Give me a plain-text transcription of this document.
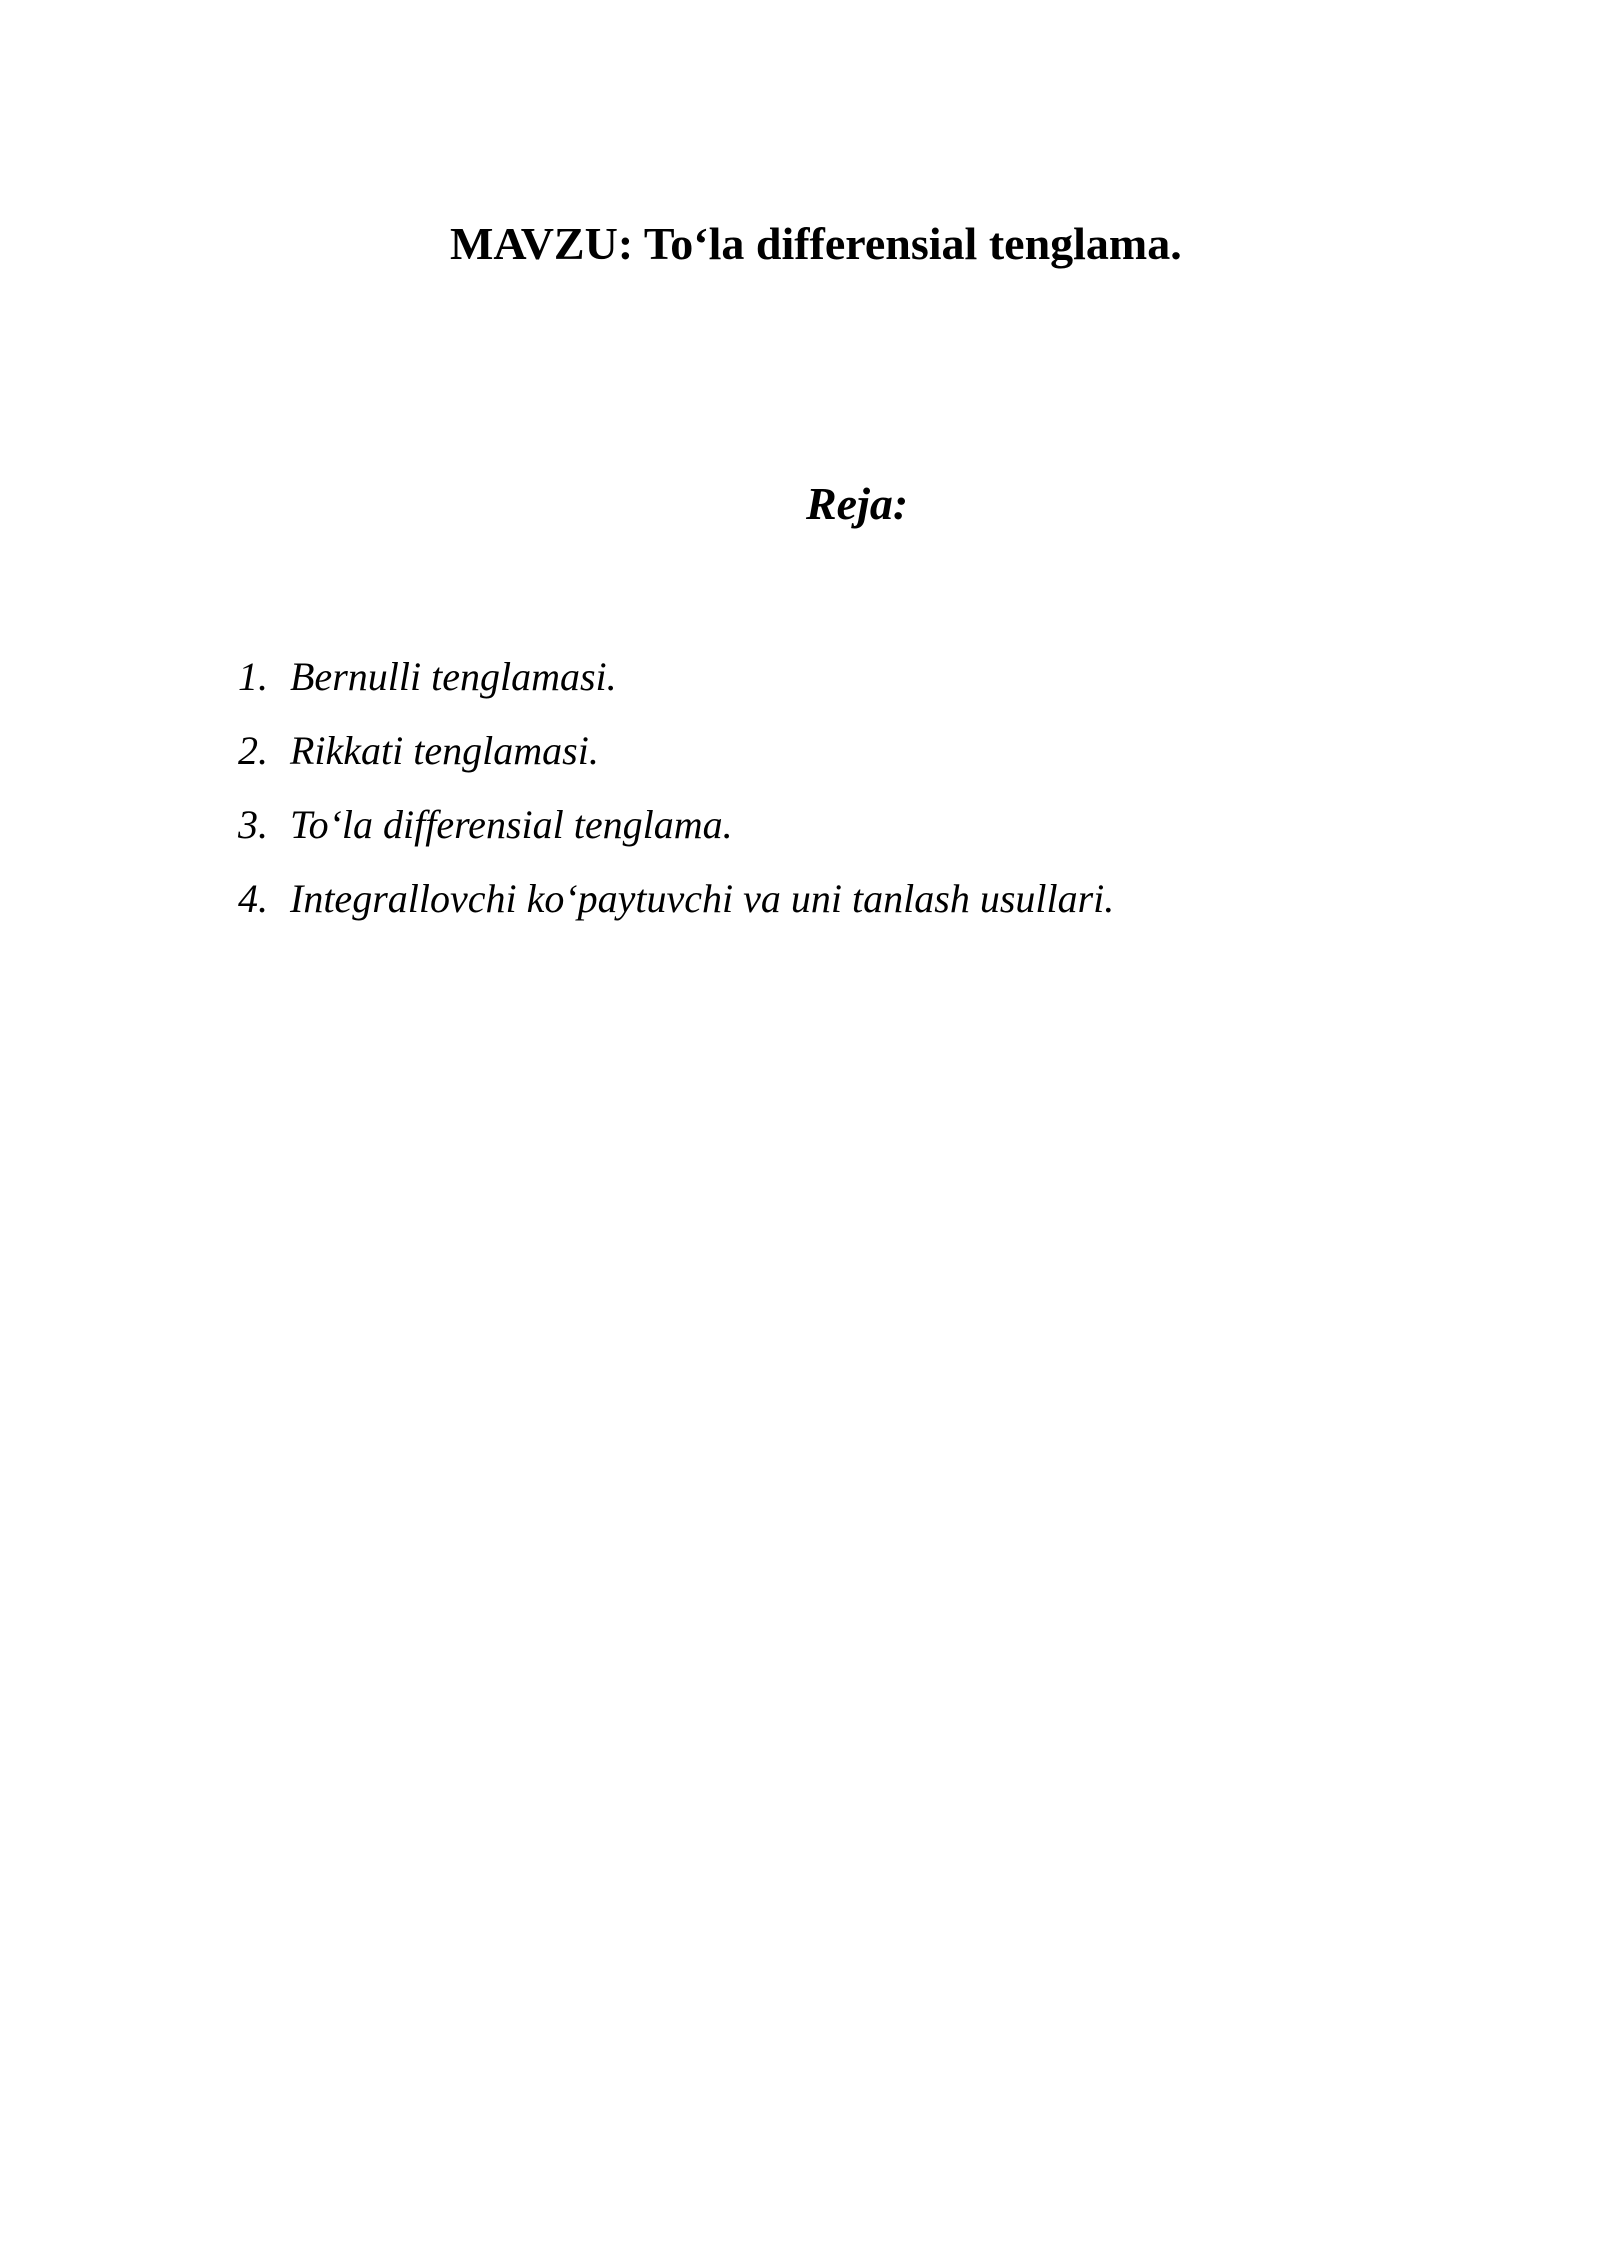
MAVZU: To‘la differensial tenglama.
Reja:
1. Bernulli tenglamasi.
2. Rikkati tenglamasi.
3. To‘la differensial tenglama.
4. Integrallovchi ko‘paytuvchi va uni tanlash usullari.
